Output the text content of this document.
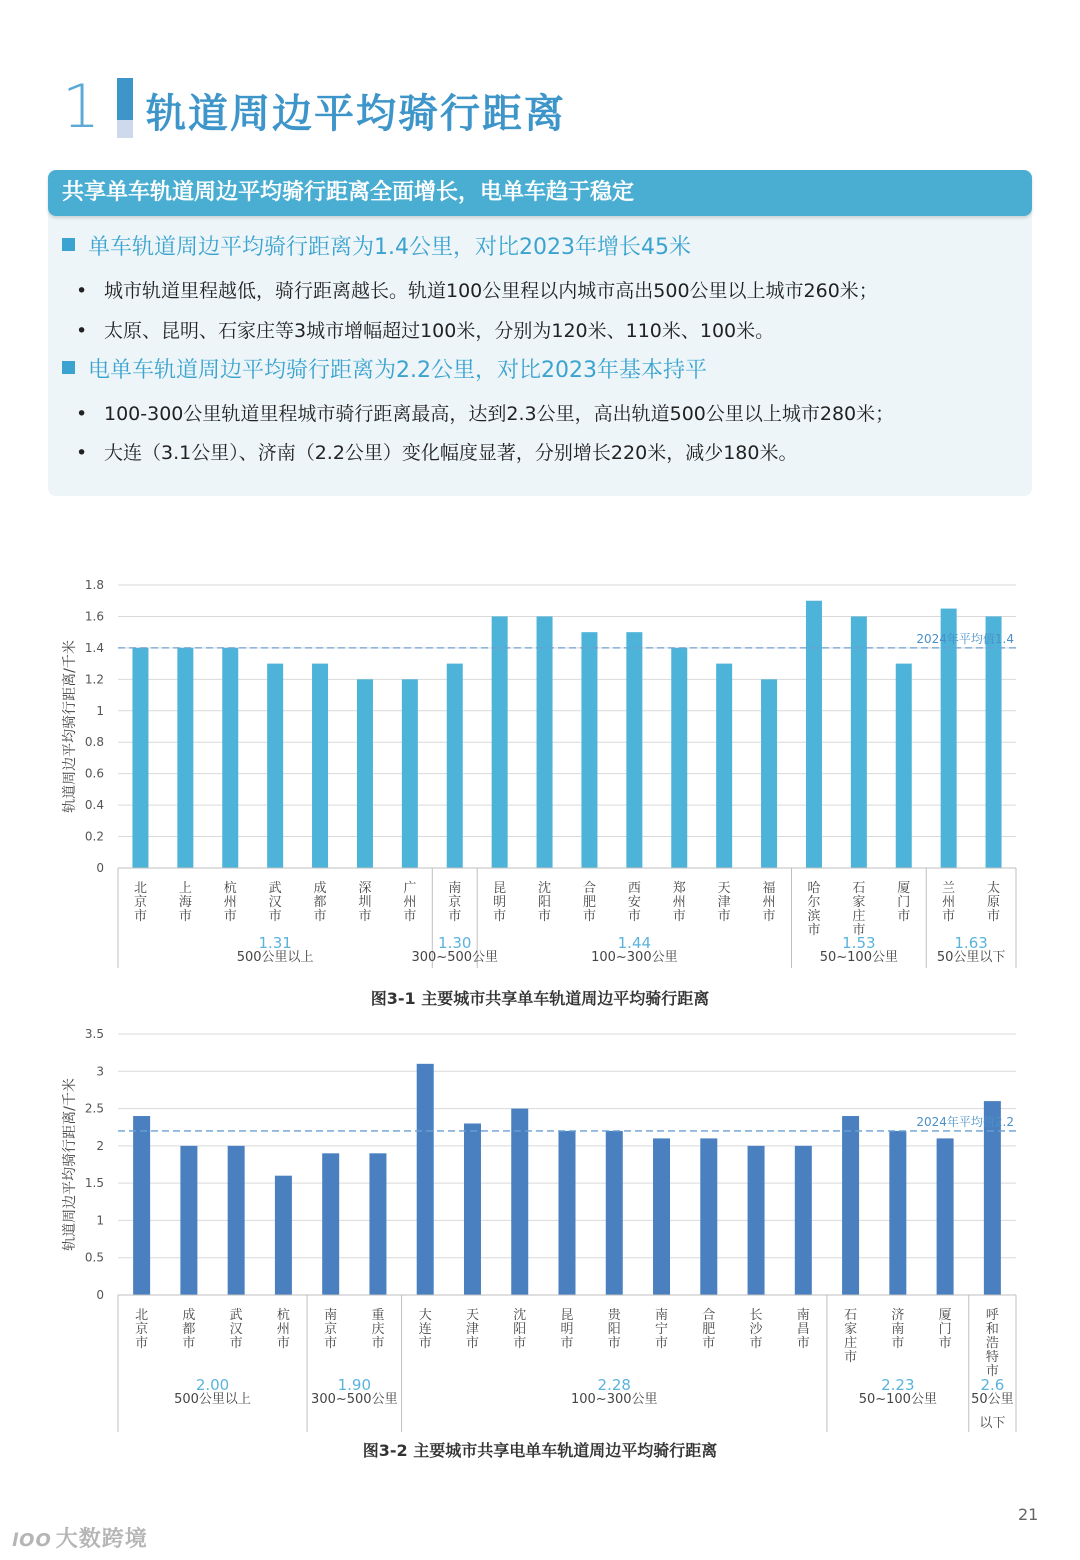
1 轨道周边平均骑行距离
共享单车轨道周边平均骑行距离全面增长，电单车趋于稳定
单车轨道周边平均骑行距离为1.4公里，对比2023年增长45米
• 城市轨道里程越低，骑行距离越长。轨道100公里程以内城市高出500公里以上城市260米；
• 太原、昆明、石家庄等3城市增幅超过100米，分别为120米、110米、100米。
电单车轨道周边平均骑行距离为2.2公里，对比2023年基本持平
• 100-300公里轨道里程城市骑行距离最高，达到2.3公里，高出轨道500公里以上城市280米；
• 大连（3.1公里）、济南（2.2公里）变化幅度显著，分别增长220米，减少180米。
0
0.2
0.4
0.6
0.8
1
1.2
1.4
1.6
1.8
轨道周边平均骑行距离/千米
2024年平均值1.4
北京市
上海市
杭州市
武汉市
成都市
深圳市
广州市
南京市
昆明市
沈阳市
合肥市
西安市
郑州市
天津市
福州市
哈尔滨市
石家庄市
厦门市
兰州市
太原市
1.31
500公里以上
1.30
300~500公里
1.44
100~300公里
1.53
50~100公里
1.63
50公里以下
图3-1 主要城市共享单车轨道周边平均骑行距离
0
0.5
1
1.5
2
2.5
3
3.5
轨道周边平均骑行距离/千米	2024年平均值2.2
北京市
成都市
武汉市
杭州市
南京市
重庆市
大连市
天津市
沈阳市
昆明市
贵阳市
南宁市
合肥市
长沙市
南昌市
石家庄市
济南市
厦门市
呼和浩特市
2.00
500公里以上
1.90
300~500公里
2.28
100~300公里
2.23
50~100公里
2.6
50公里
以下
图3-2 主要城市共享电单车轨道周边平均骑行距离
21
lOO 大数跨境
